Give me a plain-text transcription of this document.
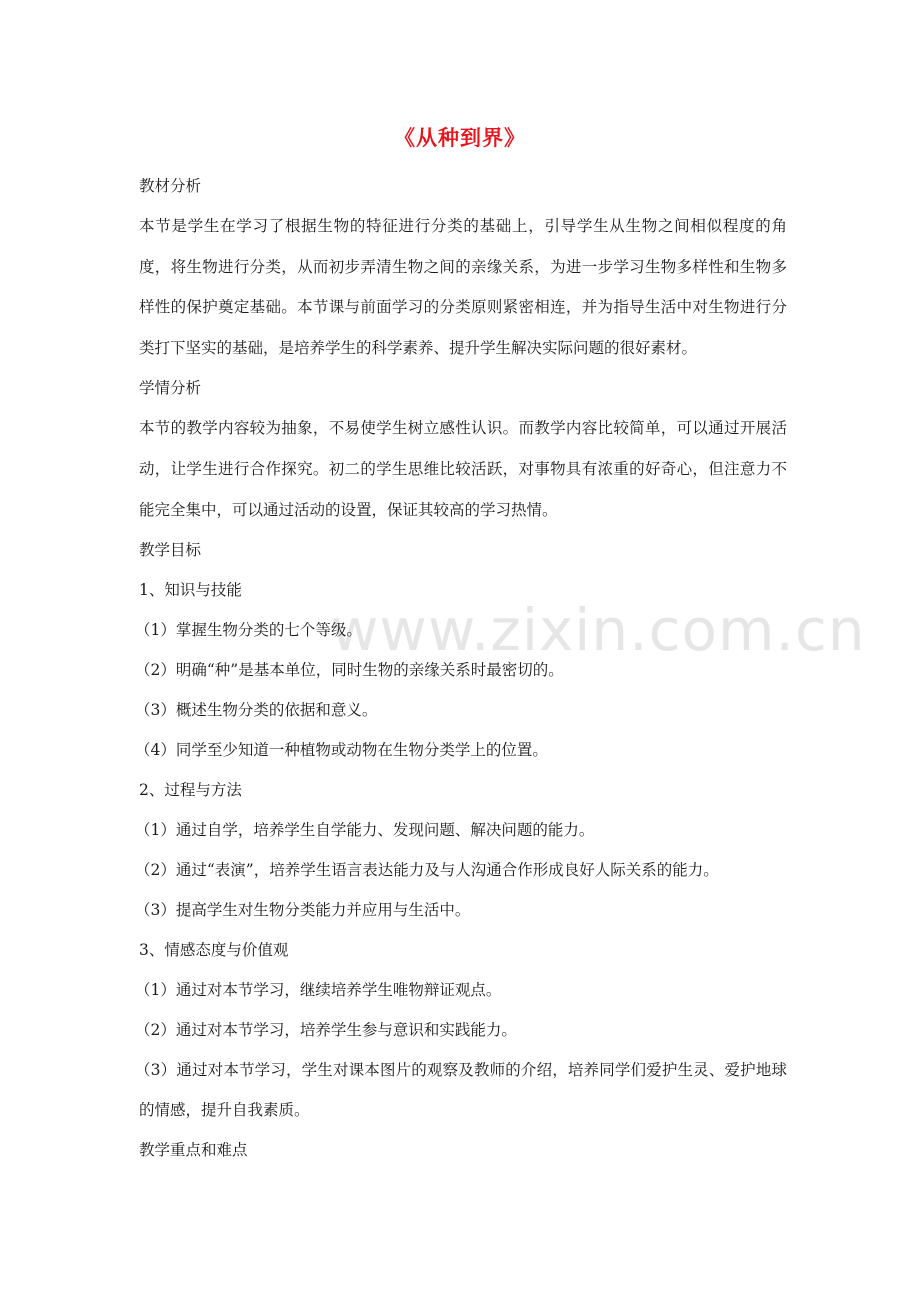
www.zixin.com.cn
《从种到界》
教材分析
本节是学生在学习了根据生物的特征进行分类的基础上，引导学生从生物之间相似程度的角度，将生物进行分类，从而初步弄清生物之间的亲缘关系，为进一步学习生物多样性和生物多样性的保护奠定基础。本节课与前面学习的分类原则紧密相连，并为指导生活中对生物进行分类打下坚实的基础，是培养学生的科学素养、提升学生解决实际问题的很好素材。
学情分析
本节的教学内容较为抽象，不易使学生树立感性认识。而教学内容比较简单，可以通过开展活动，让学生进行合作探究。初二的学生思维比较活跃，对事物具有浓重的好奇心，但注意力不能完全集中，可以通过活动的设置，保证其较高的学习热情。
教学目标
1、知识与技能
（1）掌握生物分类的七个等级。
（2）明确“种”是基本单位，同时生物的亲缘关系时最密切的。
（3）概述生物分类的依据和意义。
（4）同学至少知道一种植物或动物在生物分类学上的位置。
2、过程与方法
（1）通过自学，培养学生自学能力、发现问题、解决问题的能力。
（2）通过“表演”，培养学生语言表达能力及与人沟通合作形成良好人际关系的能力。
（3）提高学生对生物分类能力并应用与生活中。
3、情感态度与价值观
（1）通过对本节学习，继续培养学生唯物辩证观点。
（2）通过对本节学习，培养学生参与意识和实践能力。
（3）通过对本节学习，学生对课本图片的观察及教师的介绍，培养同学们爱护生灵、爱护地球的情感，提升自我素质。
教学重点和难点
